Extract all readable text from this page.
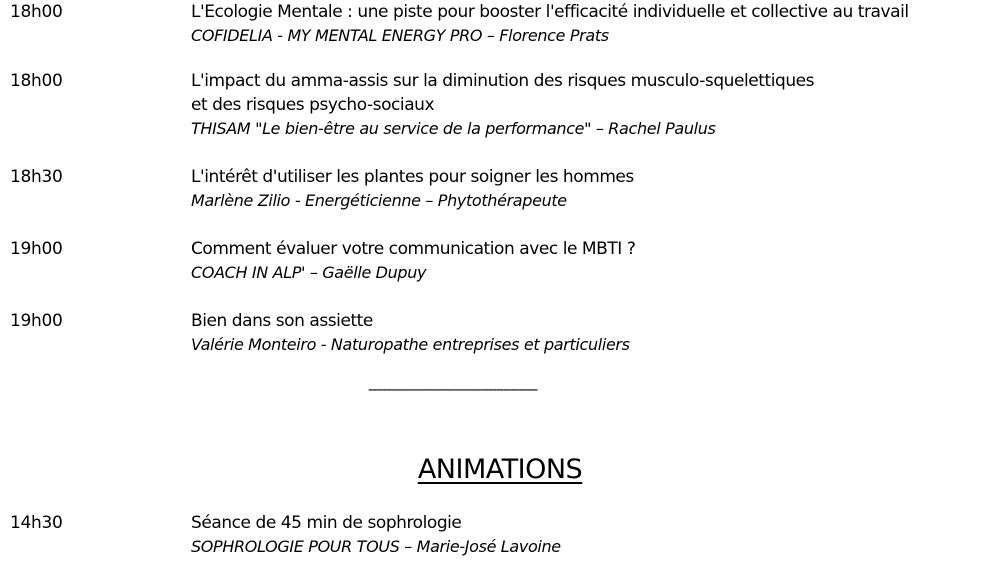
18h00	L'Ecologie Mentale : une piste pour booster l'efficacité individuelle et collective au travail
COFIDELIA - MY MENTAL ENERGY PRO – Florence Prats
18h00	L'impact du amma-assis sur la diminution des risques musculo-squelettiques
et des risques psycho-sociaux
THISAM "Le bien-être au service de la performance" – Rachel Paulus
18h30	L'intérêt d'utiliser les plantes pour soigner les hommes
Marlène Zilio - Energéticienne – Phytothérapeute
19h00	Comment évaluer votre communication avec le MBTI ?
COACH IN ALP' – Gaëlle Dupuy
19h00	Bien dans son assiette
Valérie Monteiro - Naturopathe entreprises et particuliers
---------------------------------------------
ANIMATIONS
14h30	Séance de 45 min de sophrologie
SOPHROLOGIE POUR TOUS – Marie-José Lavoine
